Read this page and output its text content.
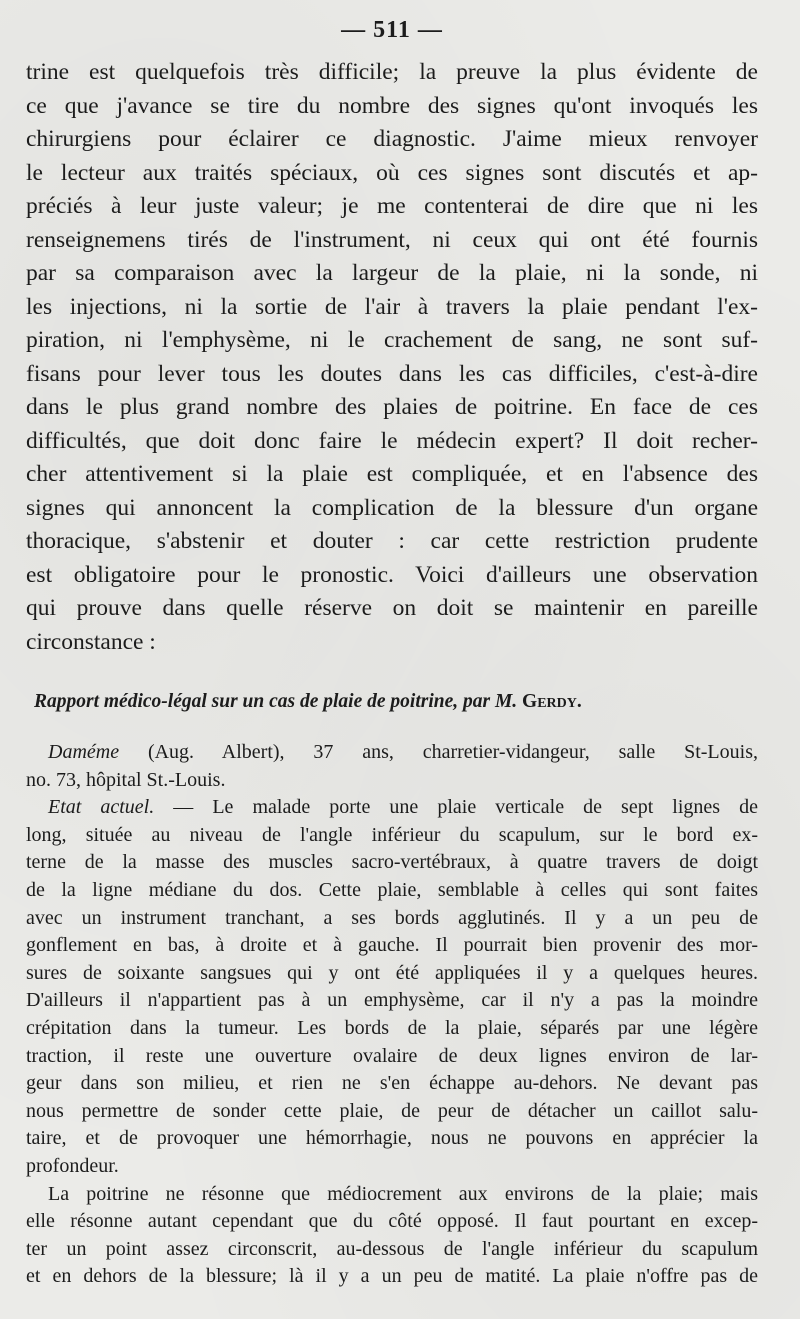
— 511 —
trine est quelquefois très difficile; la preuve la plus évidente de
ce que j'avance se tire du nombre des signes qu'ont invoqués les
chirurgiens pour éclairer ce diagnostic. J'aime mieux renvoyer
le lecteur aux traités spéciaux, où ces signes sont discutés et ap-
préciés à leur juste valeur; je me contenterai de dire que ni les
renseignemens tirés de l'instrument, ni ceux qui ont été fournis
par sa comparaison avec la largeur de la plaie, ni la sonde, ni
les injections, ni la sortie de l'air à travers la plaie pendant l'ex-
piration, ni l'emphysème, ni le crachement de sang, ne sont suf-
fisans pour lever tous les doutes dans les cas difficiles, c'est-à-dire
dans le plus grand nombre des plaies de poitrine. En face de ces
difficultés, que doit donc faire le médecin expert? Il doit recher-
cher attentivement si la plaie est compliquée, et en l'absence des
signes qui annoncent la complication de la blessure d'un organe
thoracique, s'abstenir et douter : car cette restriction prudente
est obligatoire pour le pronostic. Voici d'ailleurs une observation
qui prouve dans quelle réserve on doit se maintenir en pareille
circonstance :
Rapport médico-légal sur un cas de plaie de poitrine, par M. Gerdy.
Daméme (Aug. Albert), 37 ans, charretier-vidangeur, salle St-Louis,
no. 73, hôpital St.-Louis.
Etat actuel. — Le malade porte une plaie verticale de sept lignes de
long, située au niveau de l'angle inférieur du scapulum, sur le bord ex-
terne de la masse des muscles sacro-vertébraux, à quatre travers de doigt
de la ligne médiane du dos. Cette plaie, semblable à celles qui sont faites
avec un instrument tranchant, a ses bords agglutinés. Il y a un peu de
gonflement en bas, à droite et à gauche. Il pourrait bien provenir des mor-
sures de soixante sangsues qui y ont été appliquées il y a quelques heures.
D'ailleurs il n'appartient pas à un emphysème, car il n'y a pas la moindre
crépitation dans la tumeur. Les bords de la plaie, séparés par une légère
traction, il reste une ouverture ovalaire de deux lignes environ de lar-
geur dans son milieu, et rien ne s'en échappe au-dehors. Ne devant pas
nous permettre de sonder cette plaie, de peur de détacher un caillot salu-
taire, et de provoquer une hémorrhagie, nous ne pouvons en apprécier la
profondeur.
La poitrine ne résonne que médiocrement aux environs de la plaie; mais
elle résonne autant cependant que du côté opposé. Il faut pourtant en excep-
ter un point assez circonscrit, au-dessous de l'angle inférieur du scapulum
et en dehors de la blessure; là il y a un peu de matité. La plaie n'offre pas de
